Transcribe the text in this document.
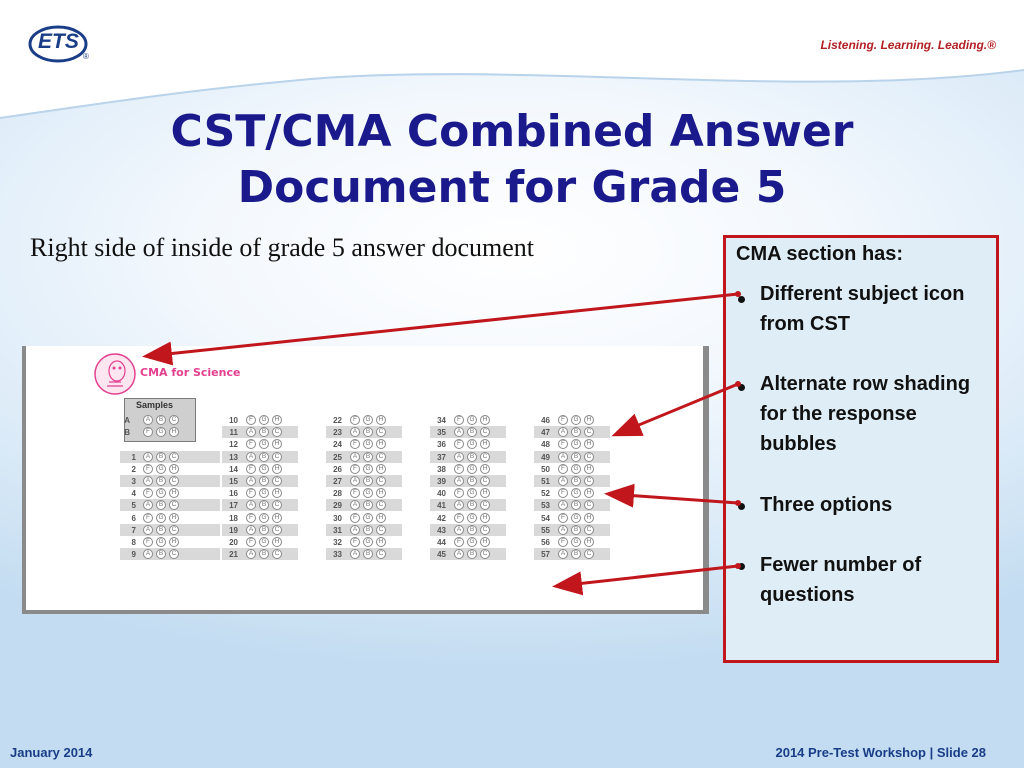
ETS
®
Listening. Learning. Leading.®
CST/CMA Combined Answer Document for Grade 5
Right side of inside of grade 5 answer document
CMA for Science
Samples
A	A	B	C
B	F	G	H
1	A	B	C
2	F	G	H
3	A	B	C
4	F	G	H
5	A	B	C
6	F	G	H
7	A	B	C
8	F	G	H
9	A	B	C
10	F	G	H
11	A	B	C
12	F	G	H
13	A	B	C
14	F	G	H
15	A	B	C
16	F	G	H
17	A	B	C
18	F	G	H
19	A	B	C
20	F	G	H
21	A	B	C
22	F	G	H
23	A	B	C
24	F	G	H
25	A	B	C
26	F	G	H
27	A	B	C
28	F	G	H
29	A	B	C
30	F	G	H
31	A	B	C
32	F	G	H
33	A	B	C
34	F	G	H
35	A	B	C
36	F	G	H
37	A	B	C
38	F	G	H
39	A	B	C
40	F	G	H
41	A	B	C
42	F	G	H
43	A	B	C
44	F	G	H
45	A	B	C
46	F	G	H
47	A	B	C
48	F	G	H
49	A	B	C
50	F	G	H
51	A	B	C
52	F	G	H
53	A	B	C
54	F	G	H
55	A	B	C
56	F	G	H
57	A	B	C
CMA section has:
Different subject icon from CST
Alternate row shading for the response bubbles
Three options
Fewer number of questions
January 2014	2014 Pre-Test Workshop | Slide 28
